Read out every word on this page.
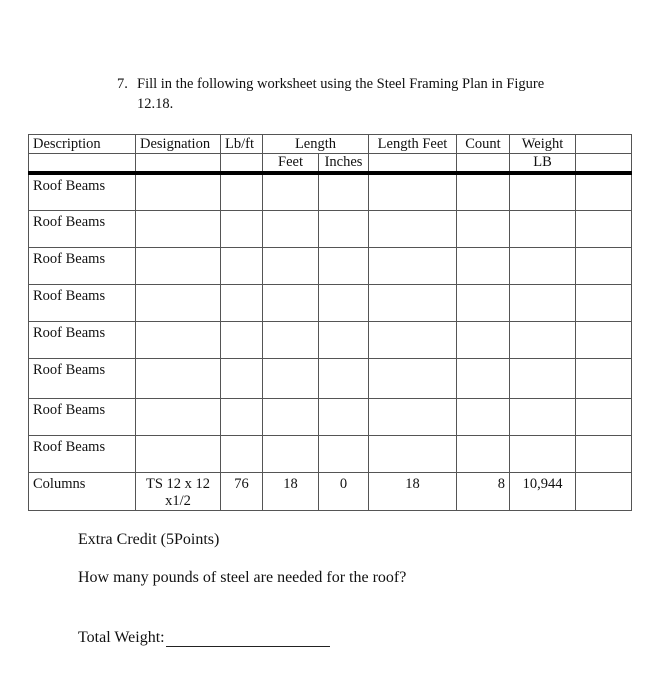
7. Fill in the following worksheet using the Steel Framing Plan in Figure
12.18.
Description	Designation	Lb/ft	Length		Length Feet	Count	Weight	
			Feet	Inches			LB	
Roof Beams								
Roof Beams								
Roof Beams								
Roof Beams								
Roof Beams								
Roof Beams								
Roof Beams								
Roof Beams								
Columns	TS 12 x 12 x1/2	76	18	0	18	8	10,944	
Extra Credit (5Points)
How many pounds of steel are needed for the roof?
Total Weight:
